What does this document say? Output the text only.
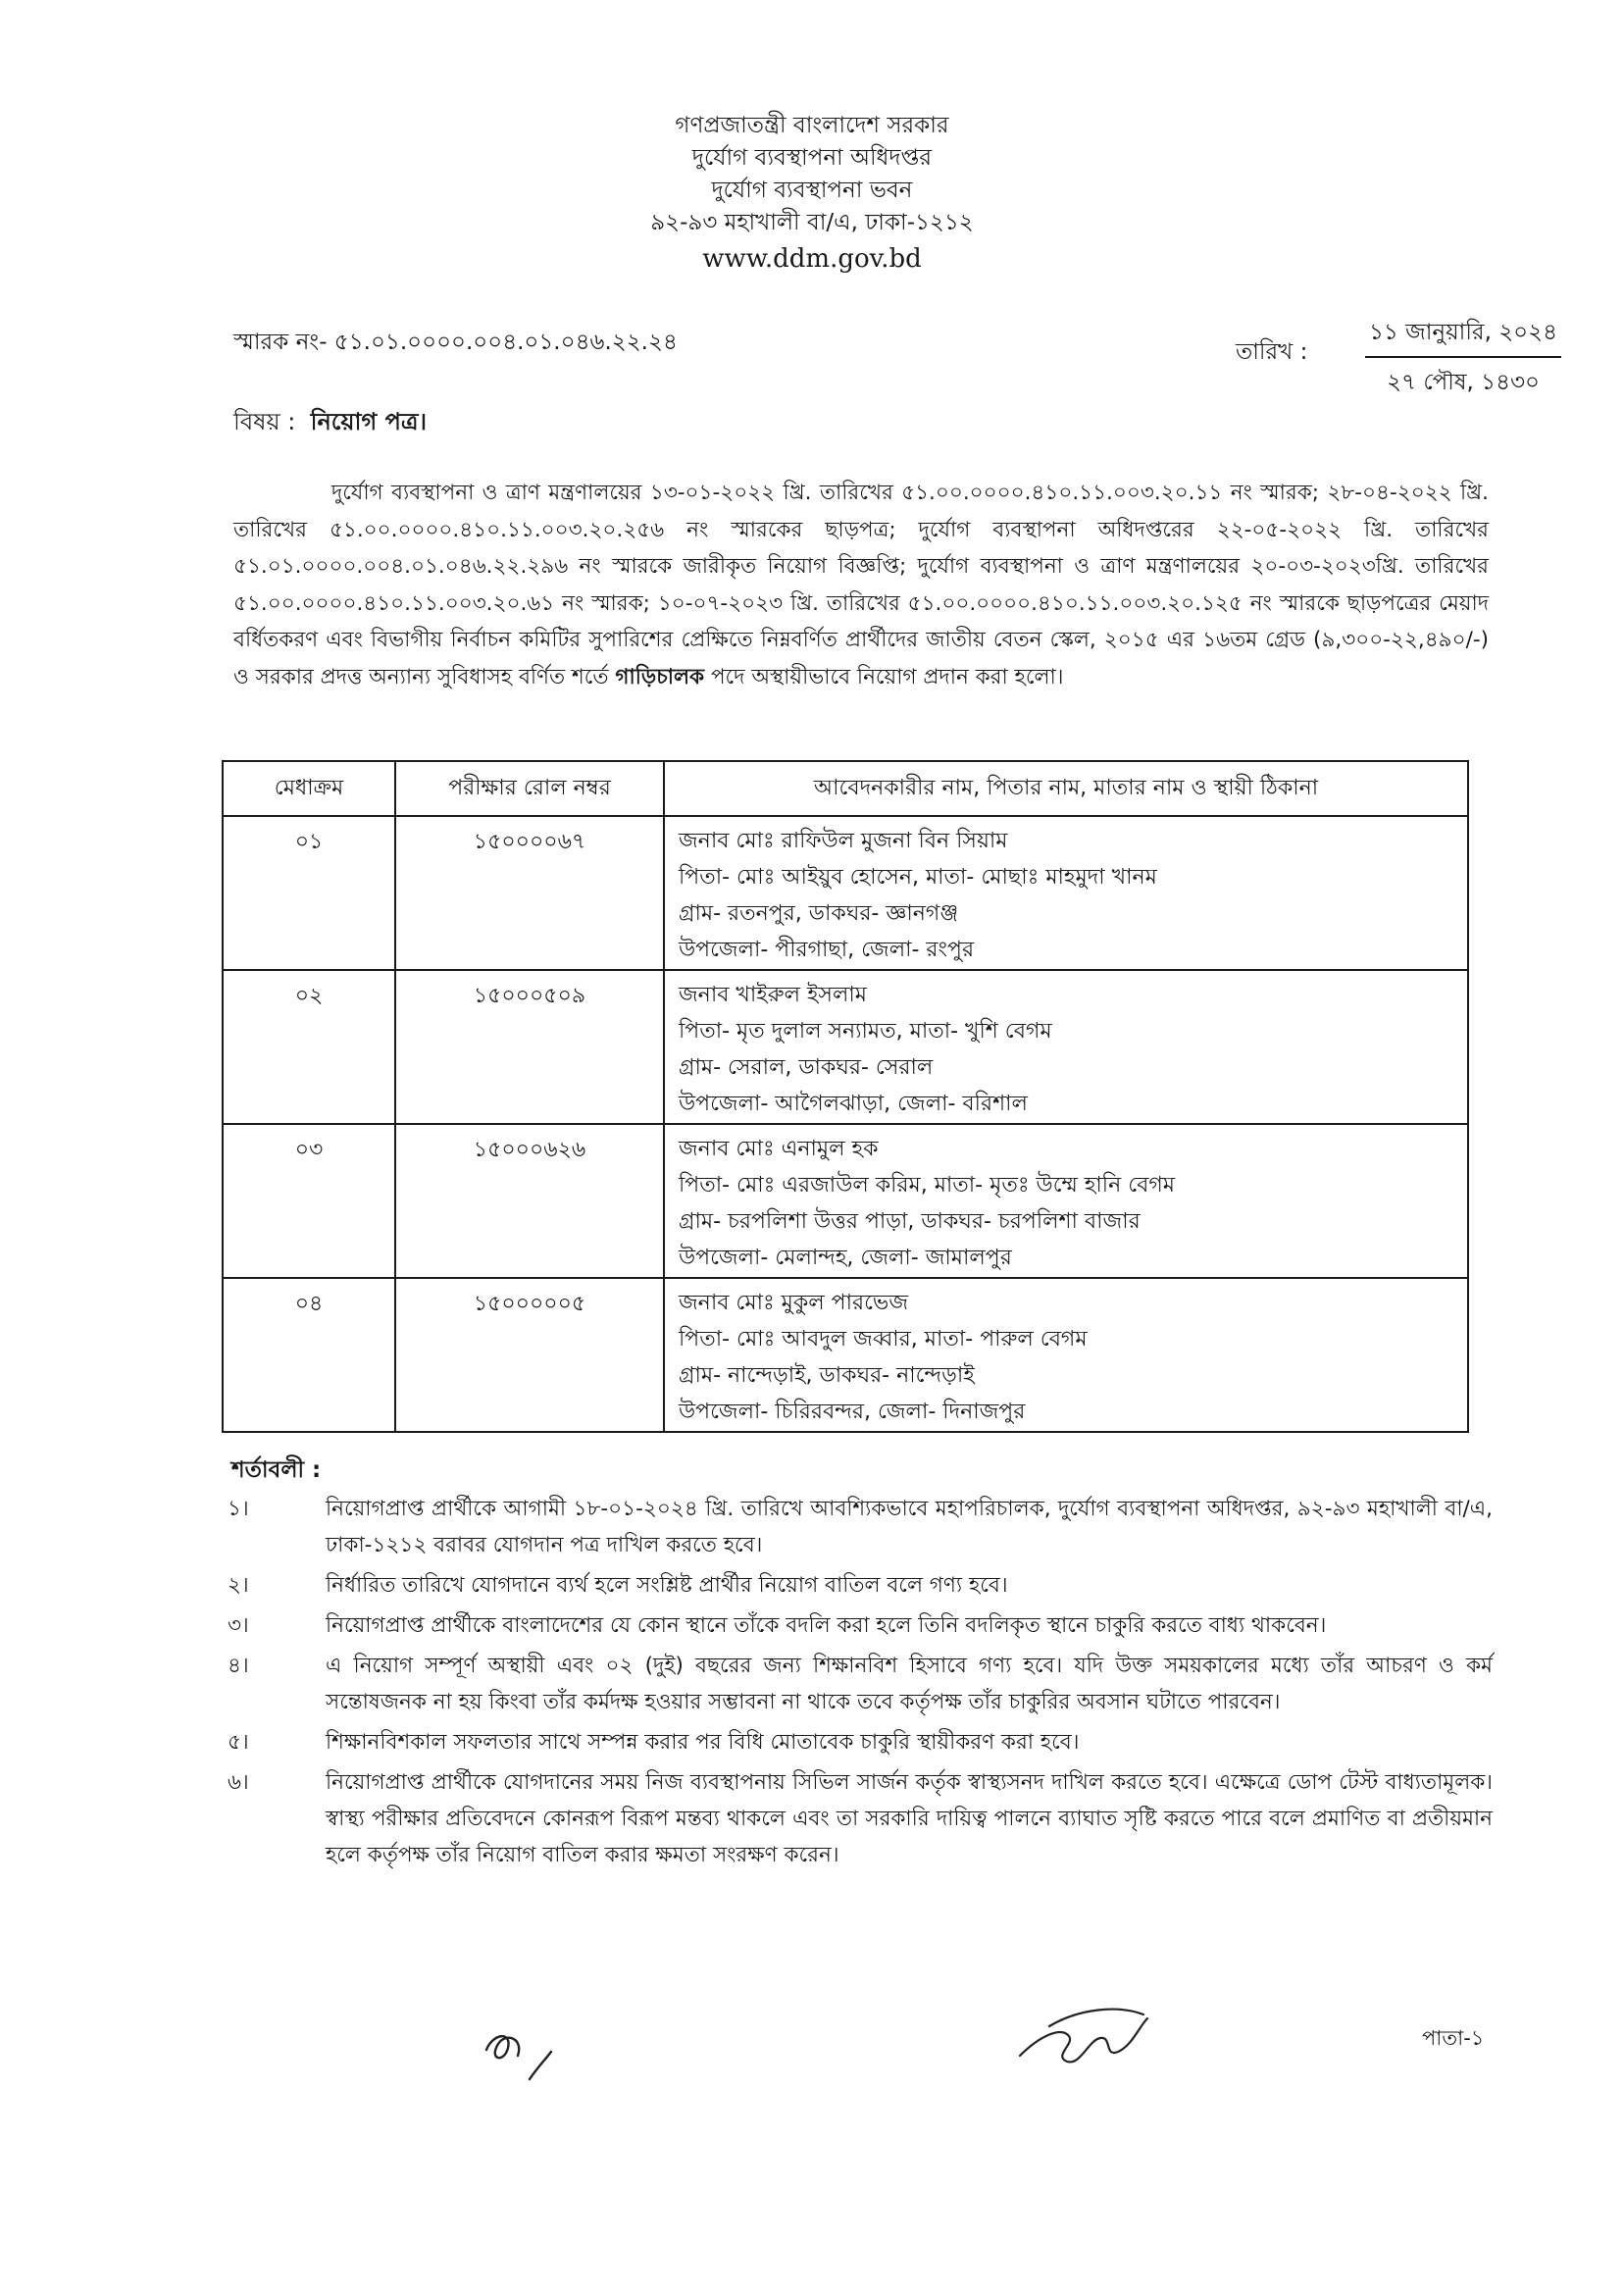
গণপ্রজাতন্ত্রী বাংলাদেশ সরকার
দুর্যোগ ব্যবস্থাপনা অধিদপ্তর
দুর্যোগ ব্যবস্থাপনা ভবন
৯২-৯৩ মহাখালী বা/এ, ঢাকা-১২১২
www.ddm.gov.bd
স্মারক নং- ৫১.০১.০০০০.০০৪.০১.০৪৬.২২.২৪	তারিখ :
১১ জানুয়ারি, ২০২৪
২৭ পৌষ, ১৪৩০
বিষয় : নিয়োগ পত্র।
দুর্যোগ ব্যবস্থাপনা ও ত্রাণ মন্ত্রণালয়ের ১৩-০১-২০২২ খ্রি. তারিখের ৫১.০০.০০০০.৪১০.১১.০০৩.২০.১১ নং স্মারক; ২৮-০৪-২০২২ খ্রি. তারিখের ৫১.০০.০০০০.৪১০.১১.০০৩.২০.২৫৬ নং স্মারকের ছাড়পত্র; দুর্যোগ ব্যবস্থাপনা অধিদপ্তরের ২২-০৫-২০২২ খ্রি. তারিখের ৫১.০১.০০০০.০০৪.০১.০৪৬.২২.২৯৬ নং স্মারকে জারীকৃত নিয়োগ বিজ্ঞপ্তি; দুর্যোগ ব্যবস্থাপনা ও ত্রাণ মন্ত্রণালয়ের ২০-০৩-২০২৩খ্রি. তারিখের ৫১.০০.০০০০.৪১০.১১.০০৩.২০.৬১ নং স্মারক; ১০-০৭-২০২৩ খ্রি. তারিখের ৫১.০০.০০০০.৪১০.১১.০০৩.২০.১২৫ নং স্মারকে ছাড়পত্রের মেয়াদ বর্ধিতকরণ এবং বিভাগীয় নির্বাচন কমিটির সুপারিশের প্রেক্ষিতে নিম্নবর্ণিত প্রার্থীদের জাতীয় বেতন স্কেল, ২০১৫ এর ১৬তম গ্রেড (৯,৩০০-২২,৪৯০/-) ও সরকার প্রদত্ত অন্যান্য সুবিধাসহ বর্ণিত শর্তে গাড়িচালক পদে অস্থায়ীভাবে নিয়োগ প্রদান করা হলো।
মেধাক্রম	পরীক্ষার রোল নম্বর	আবেদনকারীর নাম, পিতার নাম, মাতার নাম ও স্থায়ী ঠিকানা
০১	১৫০০০০৬৭	জনাব মোঃ রাফিউল মুজনা বিন সিয়াম
পিতা- মোঃ আইয়ুব হোসেন, মাতা- মোছাঃ মাহমুদা খানম
গ্রাম- রতনপুর, ডাকঘর- জ্ঞানগঞ্জ
উপজেলা- পীরগাছা, জেলা- রংপুর

০২	১৫০০০৫০৯	জনাব খাইরুল ইসলাম
পিতা- মৃত দুলাল সন্যামত, মাতা- খুশি বেগম
গ্রাম- সেরাল, ডাকঘর- সেরাল
উপজেলা- আগৈলঝাড়া, জেলা- বরিশাল

০৩	১৫০০০৬২৬	জনাব মোঃ এনামুল হক
পিতা- মোঃ এরজাউল করিম, মাতা- মৃতঃ উম্মে হানি বেগম
গ্রাম- চরপলিশা উত্তর পাড়া, ডাকঘর- চরপলিশা বাজার
উপজেলা- মেলান্দহ, জেলা- জামালপুর

০৪	১৫০০০০০৫	জনাব মোঃ মুকুল পারভেজ
পিতা- মোঃ আবদুল জব্বার, মাতা- পারুল বেগম
গ্রাম- নান্দেড়াই, ডাকঘর- নান্দেড়াই
উপজেলা- চিরিরবন্দর, জেলা- দিনাজপুর
শর্তাবলী :
১।	নিয়োগপ্রাপ্ত প্রার্থীকে আগামী ১৮-০১-২০২৪ খ্রি. তারিখে আবশ্যিকভাবে মহাপরিচালক, দুর্যোগ ব্যবস্থাপনা অধিদপ্তর, ৯২-৯৩ মহাখালী বা/এ, ঢাকা-১২১২ বরাবর যোগদান পত্র দাখিল করতে হবে।
২।	নির্ধারিত তারিখে যোগদানে ব্যর্থ হলে সংশ্লিষ্ট প্রার্থীর নিয়োগ বাতিল বলে গণ্য হবে।
৩।	নিয়োগপ্রাপ্ত প্রার্থীকে বাংলাদেশের যে কোন স্থানে তাঁকে বদলি করা হলে তিনি বদলিকৃত স্থানে চাকুরি করতে বাধ্য থাকবেন।
৪।	এ নিয়োগ সম্পূর্ণ অস্থায়ী এবং ০২ (দুই) বছরের জন্য শিক্ষানবিশ হিসাবে গণ্য হবে। যদি উক্ত সময়কালের মধ্যে তাঁর আচরণ ও কর্ম সন্তোষজনক না হয় কিংবা তাঁর কর্মদক্ষ হওয়ার সম্ভাবনা না থাকে তবে কর্তৃপক্ষ তাঁর চাকুরির অবসান ঘটাতে পারবেন।
৫।	শিক্ষানবিশকাল সফলতার সাথে সম্পন্ন করার পর বিধি মোতাবেক চাকুরি স্থায়ীকরণ করা হবে।
৬।	নিয়োগপ্রাপ্ত প্রার্থীকে যোগদানের সময় নিজ ব্যবস্থাপনায় সিভিল সার্জন কর্তৃক স্বাস্থ্যসনদ দাখিল করতে হবে। এক্ষেত্রে ডোপ টেস্ট বাধ্যতামূলক। স্বাস্থ্য পরীক্ষার প্রতিবেদনে কোনরূপ বিরূপ মন্তব্য থাকলে এবং তা সরকারি দায়িত্ব পালনে ব্যাঘাত সৃষ্টি করতে পারে বলে প্রমাণিত বা প্রতীয়মান হলে কর্তৃপক্ষ তাঁর নিয়োগ বাতিল করার ক্ষমতা সংরক্ষণ করেন।
পাতা-১
